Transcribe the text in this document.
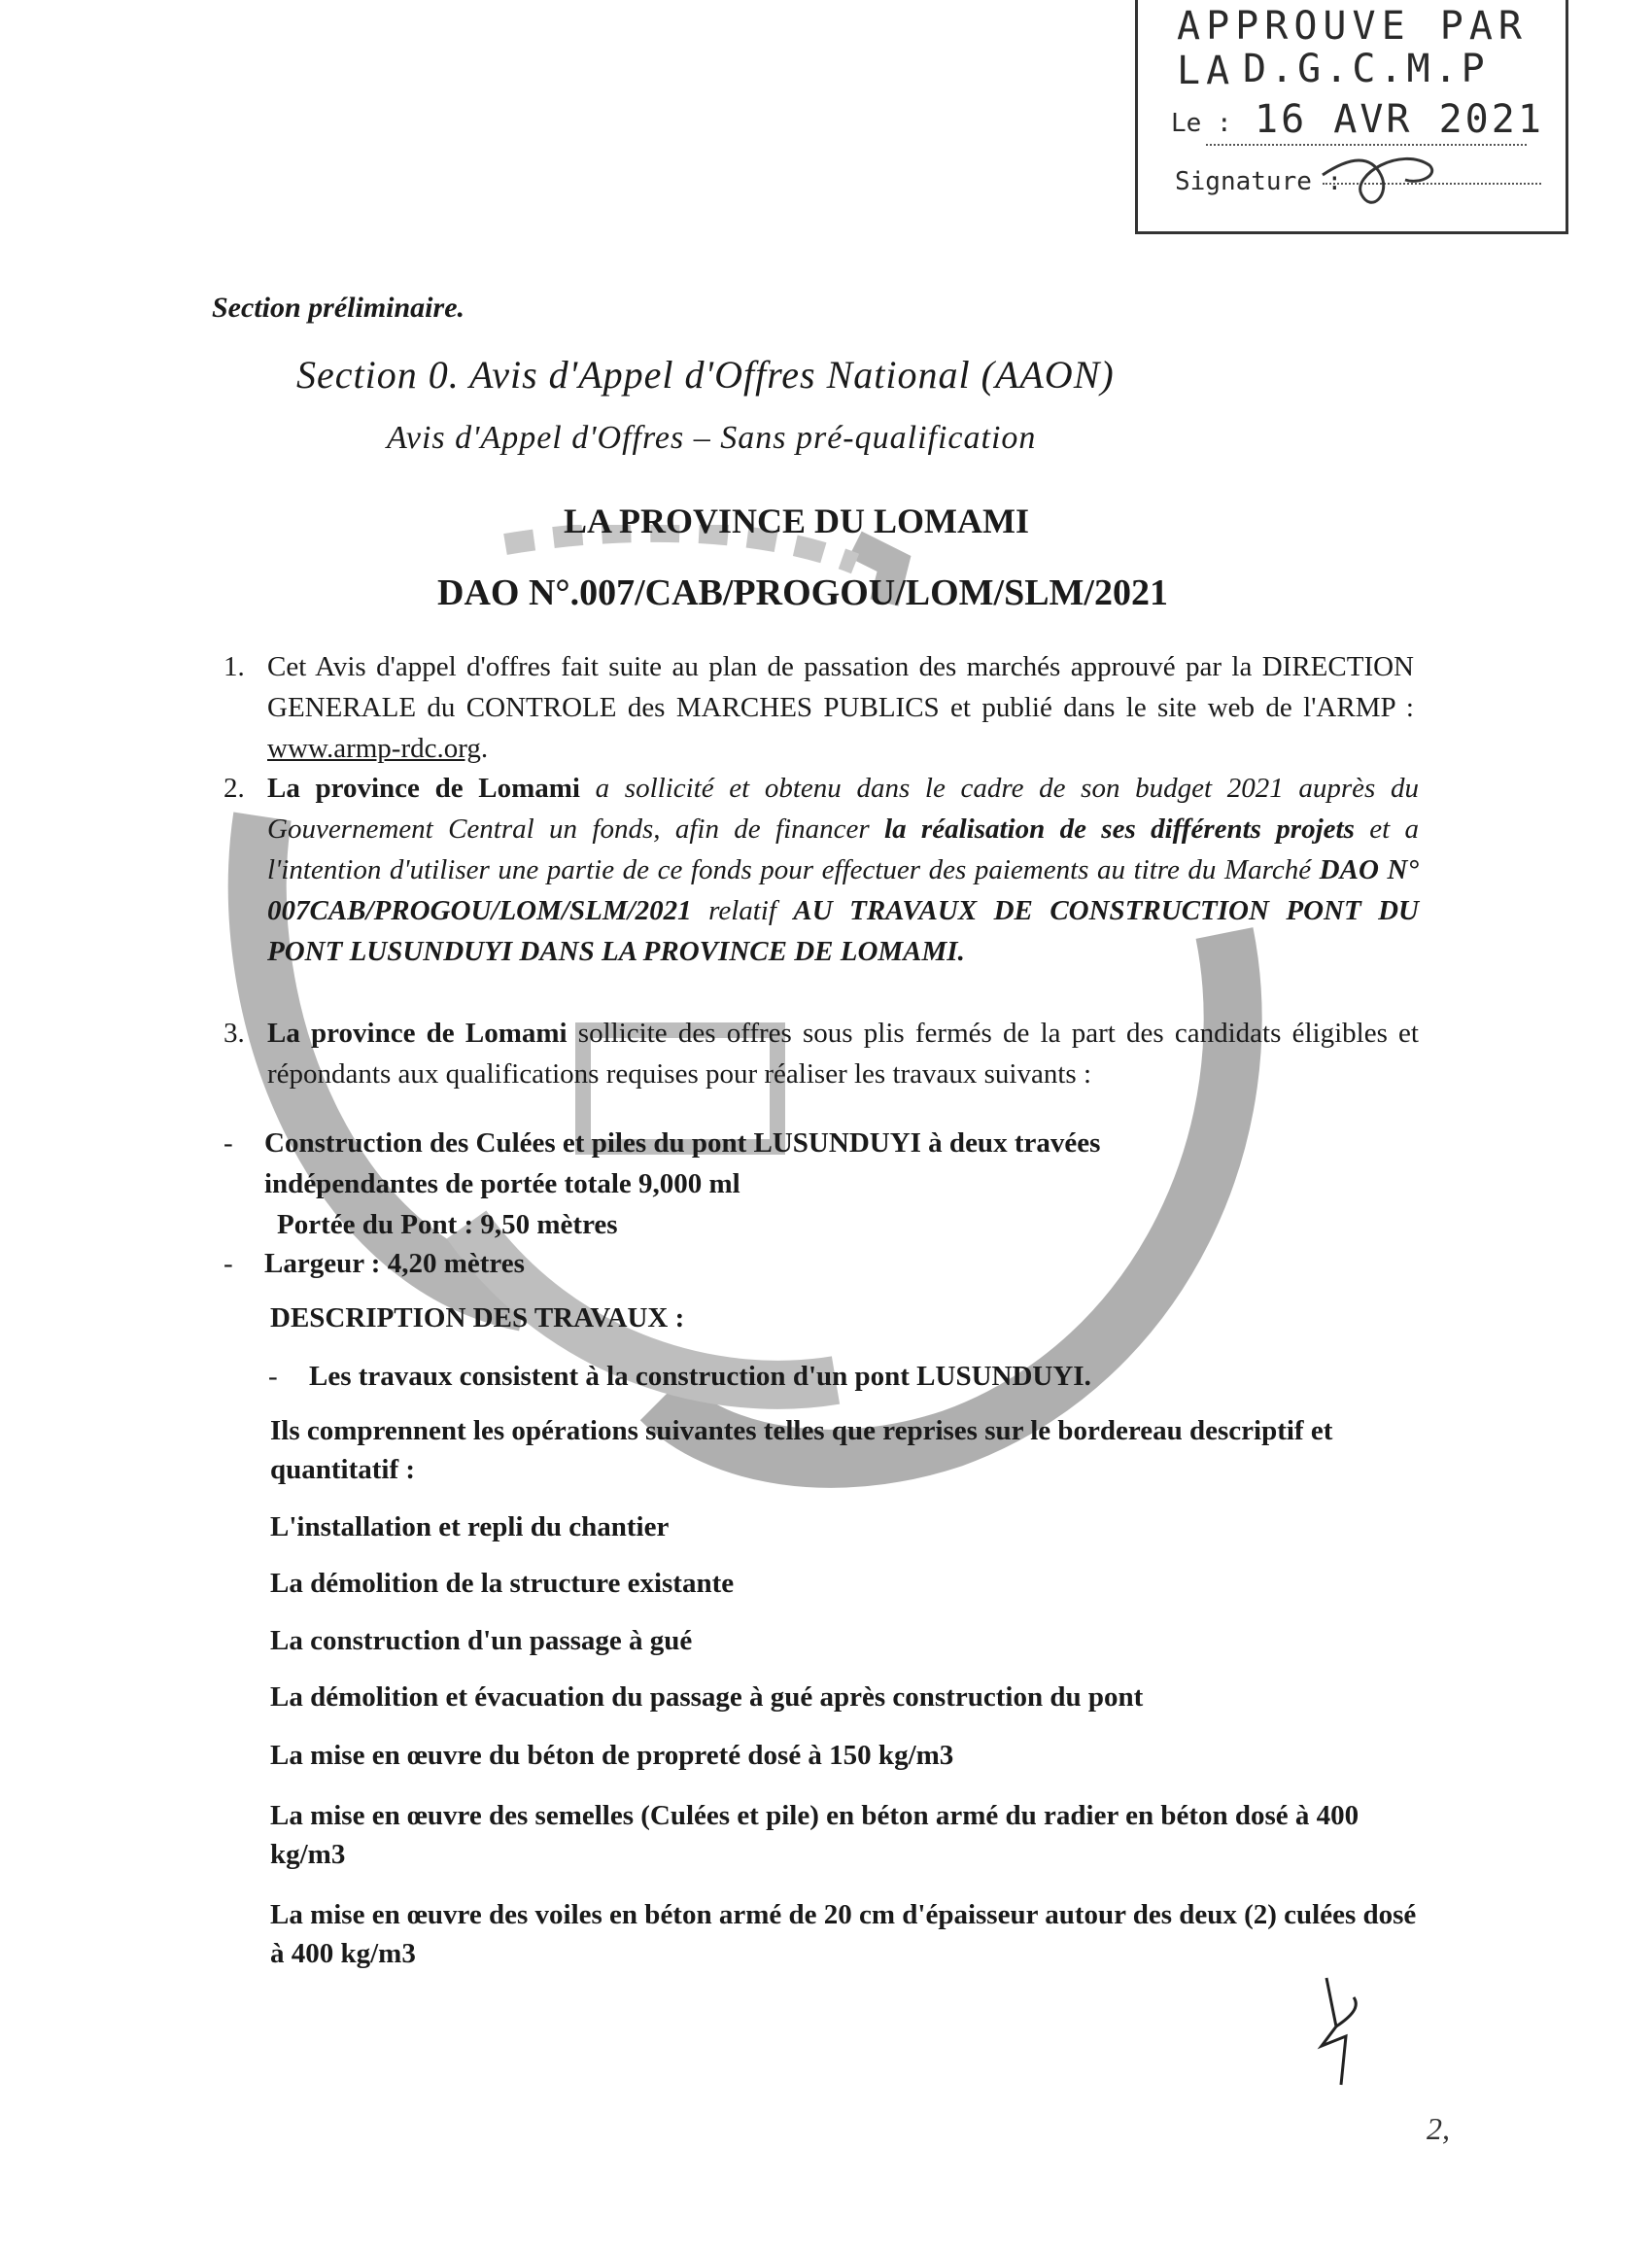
APPROUVE PAR LA D.G.C.M.P
Le : 16 AVR 2021
Signature :
Section préliminaire.
Section 0. Avis d'Appel d'Offres National (AAON)
Avis d'Appel d'Offres – Sans pré-qualification
LA PROVINCE DU LOMAMI
DAO N°.007/CAB/PROGOU/LOM/SLM/2021
1. Cet Avis d'appel d'offres fait suite au plan de passation des marchés approuvé par la DIRECTION GENERALE du CONTROLE des MARCHES PUBLICS et publié dans le site web de l'ARMP : www.armp-rdc.org.
2. La province de Lomami a sollicité et obtenu dans le cadre de son budget 2021 auprès du Gouvernement Central un fonds, afin de financer la réalisation de ses différents projets et a l'intention d'utiliser une partie de ce fonds pour effectuer des paiements au titre du Marché DAO N° 007CAB/PROGOU/LOM/SLM/2021 relatif AU TRAVAUX DE CONSTRUCTION PONT DU PONT LUSUNDUYI DANS LA PROVINCE DE LOMAMI.
3. La province de Lomami sollicite des offres sous plis fermés de la part des candidats éligibles et répondants aux qualifications requises pour réaliser les travaux suivants :
- Construction des Culées et piles du pont LUSUNDUYI à deux travées
indépendantes de portée totale 9,000 ml
Portée du Pont : 9,50 mètres
- Largeur : 4,20 mètres
DESCRIPTION DES TRAVAUX :
- Les travaux consistent à la construction d'un pont LUSUNDUYI.
Ils comprennent les opérations suivantes telles que reprises sur le bordereau descriptif et quantitatif :
L'installation et repli du chantier
La démolition de la structure existante
La construction d'un passage à gué
La démolition et évacuation du passage à gué après construction du pont
La mise en œuvre du béton de propreté dosé à 150 kg/m3
La mise en œuvre des semelles (Culées et pile) en béton armé du radier en béton dosé à 400 kg/m3
La mise en œuvre des voiles en béton armé de 20 cm d'épaisseur autour des deux (2) culées dosé à 400 kg/m3
2,
